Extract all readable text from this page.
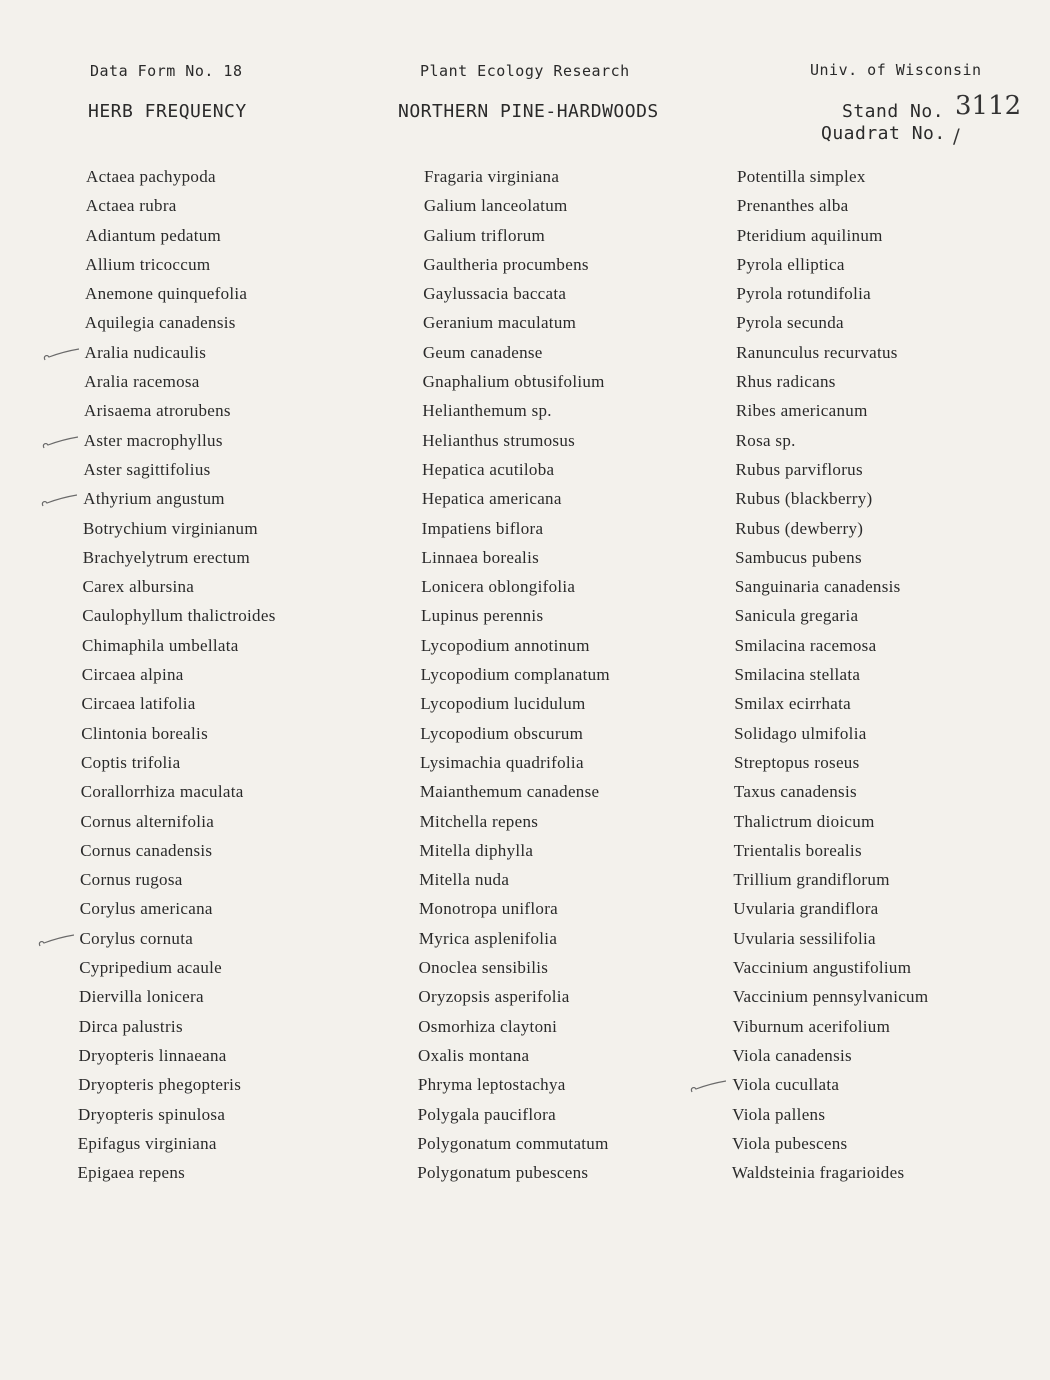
Data Form No. 18	Plant Ecology Research	Univ. of Wisconsin
HERB FREQUENCY	NORTHERN PINE-HARDWOODS	Stand No. 3112
Quadrat No. /
Actaea pachypoda
Actaea rubra
Adiantum pedatum
Allium tricoccum
Anemone quinquefolia
Aquilegia canadensis
Aralia nudicaulis
Aralia racemosa
Arisaema atrorubens
Aster macrophyllus
Aster sagittifolius
Athyrium angustum
Botrychium virginianum
Brachyelytrum erectum
Carex albursina
Caulophyllum thalictroides
Chimaphila umbellata
Circaea alpina
Circaea latifolia
Clintonia borealis
Coptis trifolia
Corallorrhiza maculata
Cornus alternifolia
Cornus canadensis
Cornus rugosa
Corylus americana
Corylus cornuta
Cypripedium acaule
Diervilla lonicera
Dirca palustris
Dryopteris linnaeana
Dryopteris phegopteris
Dryopteris spinulosa
Epifagus virginiana
Epigaea repens
Fragaria virginiana
Galium lanceolatum
Galium triflorum
Gaultheria procumbens
Gaylussacia baccata
Geranium maculatum
Geum canadense
Gnaphalium obtusifolium
Helianthemum sp.
Helianthus strumosus
Hepatica acutiloba
Hepatica americana
Impatiens biflora
Linnaea borealis
Lonicera oblongifolia
Lupinus perennis
Lycopodium annotinum
Lycopodium complanatum
Lycopodium lucidulum
Lycopodium obscurum
Lysimachia quadrifolia
Maianthemum canadense
Mitchella repens
Mitella diphylla
Mitella nuda
Monotropa uniflora
Myrica asplenifolia
Onoclea sensibilis
Oryzopsis asperifolia
Osmorhiza claytoni
Oxalis montana
Phryma leptostachya
Polygala pauciflora
Polygonatum commutatum
Polygonatum pubescens
Potentilla simplex
Prenanthes alba
Pteridium aquilinum
Pyrola elliptica
Pyrola rotundifolia
Pyrola secunda
Ranunculus recurvatus
Rhus radicans
Ribes americanum
Rosa sp.
Rubus parviflorus
Rubus (blackberry)
Rubus (dewberry)
Sambucus pubens
Sanguinaria canadensis
Sanicula gregaria
Smilacina racemosa
Smilacina stellata
Smilax ecirrhata
Solidago ulmifolia
Streptopus roseus
Taxus canadensis
Thalictrum dioicum
Trientalis borealis
Trillium grandiflorum
Uvularia grandiflora
Uvularia sessilifolia
Vaccinium angustifolium
Vaccinium pennsylvanicum
Viburnum acerifolium
Viola canadensis
Viola cucullata
Viola pallens
Viola pubescens
Waldsteinia fragarioides
